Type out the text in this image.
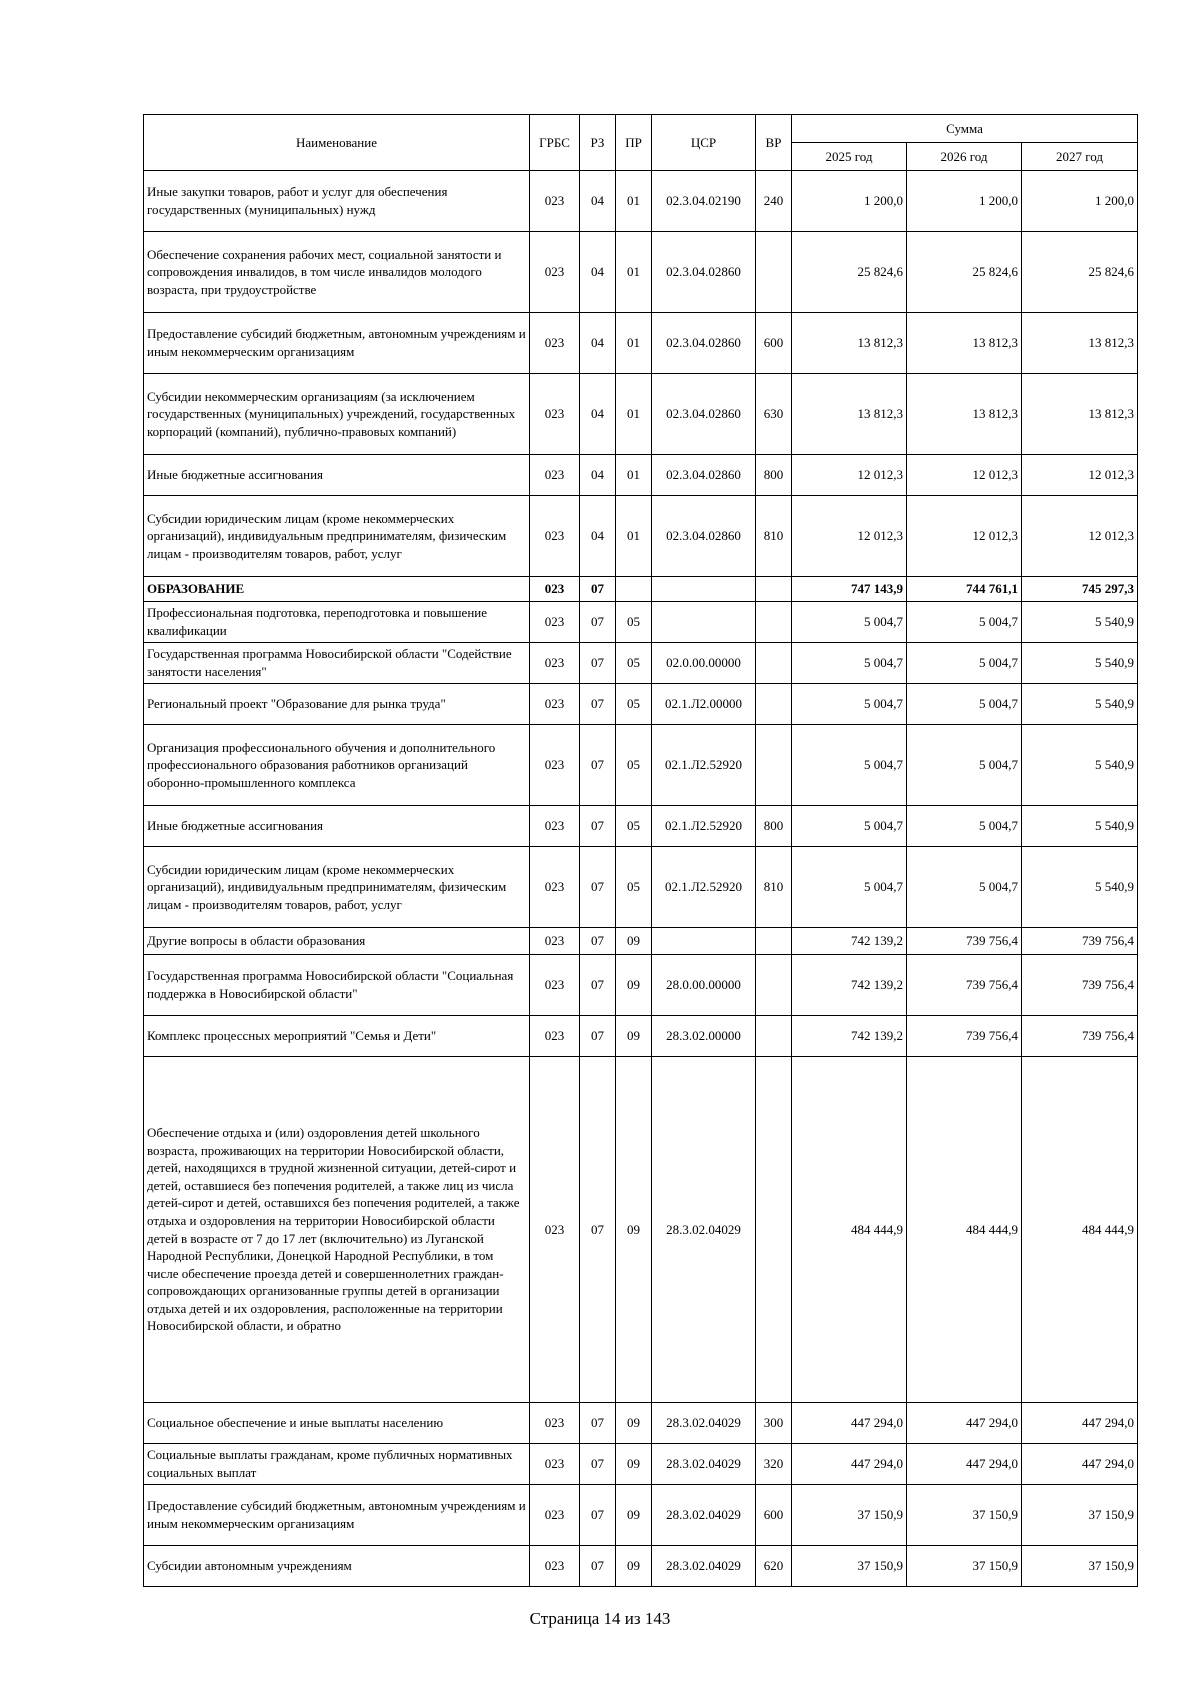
Наименование	ГРБС	РЗ	ПР	ЦСР	ВР	Сумма		
						2025 год	2026 год	2027 год
Иные закупки товаров, работ и услуг для обеспечения государственных (муниципальных) нужд	023	04	01	02.3.04.02190	240	1 200,0	1 200,0	1 200,0
Обеспечение сохранения рабочих мест, социальной занятости и сопровождения инвалидов, в том числе инвалидов молодого возраста, при трудоустройстве	023	04	01	02.3.04.02860		25 824,6	25 824,6	25 824,6
Предоставление субсидий бюджетным, автономным учреждениям и иным некоммерческим организациям	023	04	01	02.3.04.02860	600	13 812,3	13 812,3	13 812,3
Субсидии некоммерческим организациям (за исключением государственных (муниципальных) учреждений, государственных корпораций (компаний), публично-правовых компаний)	023	04	01	02.3.04.02860	630	13 812,3	13 812,3	13 812,3
Иные бюджетные ассигнования	023	04	01	02.3.04.02860	800	12 012,3	12 012,3	12 012,3
Субсидии юридическим лицам (кроме некоммерческих организаций), индивидуальным предпринимателям, физическим лицам - производителям товаров, работ, услуг	023	04	01	02.3.04.02860	810	12 012,3	12 012,3	12 012,3
ОБРАЗОВАНИЕ	023	07				747 143,9	744 761,1	745 297,3
Профессиональная подготовка, переподготовка и повышение квалификации	023	07	05			5 004,7	5 004,7	5 540,9
Государственная программа Новосибирской области "Содействие занятости населения"	023	07	05	02.0.00.00000		5 004,7	5 004,7	5 540,9
Региональный проект "Образование для рынка труда"	023	07	05	02.1.Л2.00000		5 004,7	5 004,7	5 540,9
Организация профессионального обучения и дополнительного профессионального образования работников организаций оборонно-промышленного комплекса	023	07	05	02.1.Л2.52920		5 004,7	5 004,7	5 540,9
Иные бюджетные ассигнования	023	07	05	02.1.Л2.52920	800	5 004,7	5 004,7	5 540,9
Субсидии юридическим лицам (кроме некоммерческих организаций), индивидуальным предпринимателям, физическим лицам - производителям товаров, работ, услуг	023	07	05	02.1.Л2.52920	810	5 004,7	5 004,7	5 540,9
Другие вопросы в области образования	023	07	09			742 139,2	739 756,4	739 756,4
Государственная программа Новосибирской области "Социальная поддержка в Новосибирской области"	023	07	09	28.0.00.00000		742 139,2	739 756,4	739 756,4
Комплекс процессных мероприятий "Семья и Дети"	023	07	09	28.3.02.00000		742 139,2	739 756,4	739 756,4
Обеспечение отдыха и (или) оздоровления детей школьного возраста, проживающих на территории Новосибирской области, детей, находящихся в трудной жизненной ситуации, детей-сирот и детей, оставшиеся без попечения родителей, а также лиц из числа детей-сирот и детей, оставшихся без попечения родителей, а также отдыха и оздоровления на территории Новосибирской области детей в возрасте от 7 до 17 лет (включительно) из Луганской Народной Республики, Донецкой Народной Республики, в том числе обеспечение проезда детей и совершеннолетних граждан-сопровождающих организованные группы детей в организации отдыха детей и их оздоровления, расположенные на территории Новосибирской области, и обратно	023	07	09	28.3.02.04029		484 444,9	484 444,9	484 444,9
Социальное обеспечение и иные выплаты населению	023	07	09	28.3.02.04029	300	447 294,0	447 294,0	447 294,0
Социальные выплаты гражданам, кроме публичных нормативных социальных выплат	023	07	09	28.3.02.04029	320	447 294,0	447 294,0	447 294,0
Предоставление субсидий бюджетным, автономным учреждениям и иным некоммерческим организациям	023	07	09	28.3.02.04029	600	37 150,9	37 150,9	37 150,9
Субсидии автономным учреждениям	023	07	09	28.3.02.04029	620	37 150,9	37 150,9	37 150,9
Страница 14 из 143
